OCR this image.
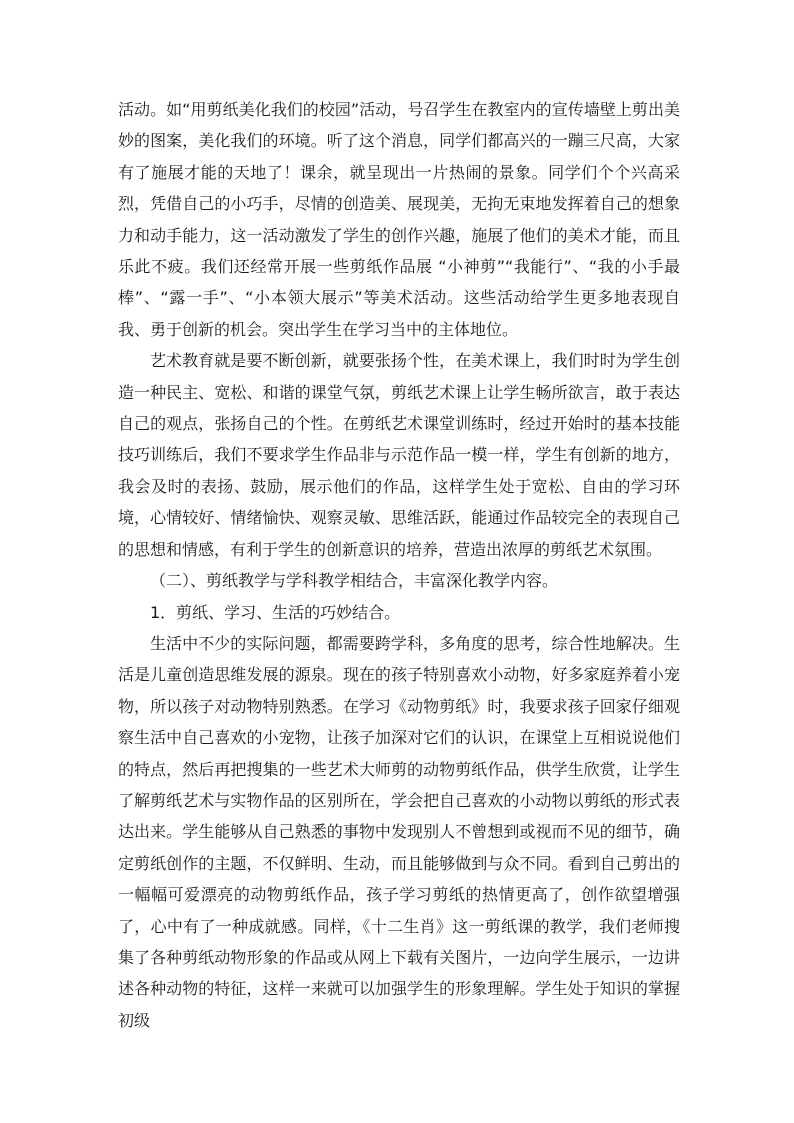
活动。如“用剪纸美化我们的校园”活动，号召学生在教室内的宣传墙壁上剪出美妙的图案，美化我们的环境。听了这个消息，同学们都高兴的一蹦三尺高，大家有了施展才能的天地了！课余，就呈现出一片热闹的景象。同学们个个兴高采烈，凭借自己的小巧手，尽情的创造美、展现美，无拘无束地发挥着自己的想象力和动手能力，这一活动激发了学生的创作兴趣，施展了他们的美术才能，而且乐此不疲。我们还经常开展一些剪纸作品展 “小神剪”“我能行”、“我的小手最棒”、“露一手”、“小本领大展示”等美术活动。这些活动给学生更多地表现自我、勇于创新的机会。突出学生在学习当中的主体地位。

艺术教育就是要不断创新，就要张扬个性，在美术课上，我们时时为学生创造一种民主、宽松、和谐的课堂气氛，剪纸艺术课上让学生畅所欲言，敢于表达自己的观点，张扬自己的个性。在剪纸艺术课堂训练时，经过开始时的基本技能技巧训练后，我们不要求学生作品非与示范作品一模一样，学生有创新的地方，我会及时的表扬、鼓励，展示他们的作品，这样学生处于宽松、自由的学习环境，心情较好、情绪愉快、观察灵敏、思维活跃，能通过作品较完全的表现自己的思想和情感，有利于学生的创新意识的培养，营造出浓厚的剪纸艺术氛围。

（二）、剪纸教学与学科教学相结合，丰富深化教学内容。

1．剪纸、学习、生活的巧妙结合。

生活中不少的实际问题，都需要跨学科，多角度的思考，综合性地解决。生活是儿童创造思维发展的源泉。现在的孩子特别喜欢小动物，好多家庭养着小宠物，所以孩子对动物特别熟悉。在学习《动物剪纸》时，我要求孩子回家仔细观察生活中自己喜欢的小宠物，让孩子加深对它们的认识，在课堂上互相说说他们的特点，然后再把搜集的一些艺术大师剪的动物剪纸作品，供学生欣赏，让学生了解剪纸艺术与实物作品的区别所在，学会把自己喜欢的小动物以剪纸的形式表达出来。学生能够从自己熟悉的事物中发现别人不曾想到或视而不见的细节，确定剪纸创作的主题，不仅鲜明、生动，而且能够做到与众不同。看到自己剪出的一幅幅可爱漂亮的动物剪纸作品，孩子学习剪纸的热情更高了，创作欲望增强了，心中有了一种成就感。同样，《十二生肖》这一剪纸课的教学，我们老师搜集了各种剪纸动物形象的作品或从网上下载有关图片，一边向学生展示，一边讲述各种动物的特征，这样一来就可以加强学生的形象理解。学生处于知识的掌握初级
